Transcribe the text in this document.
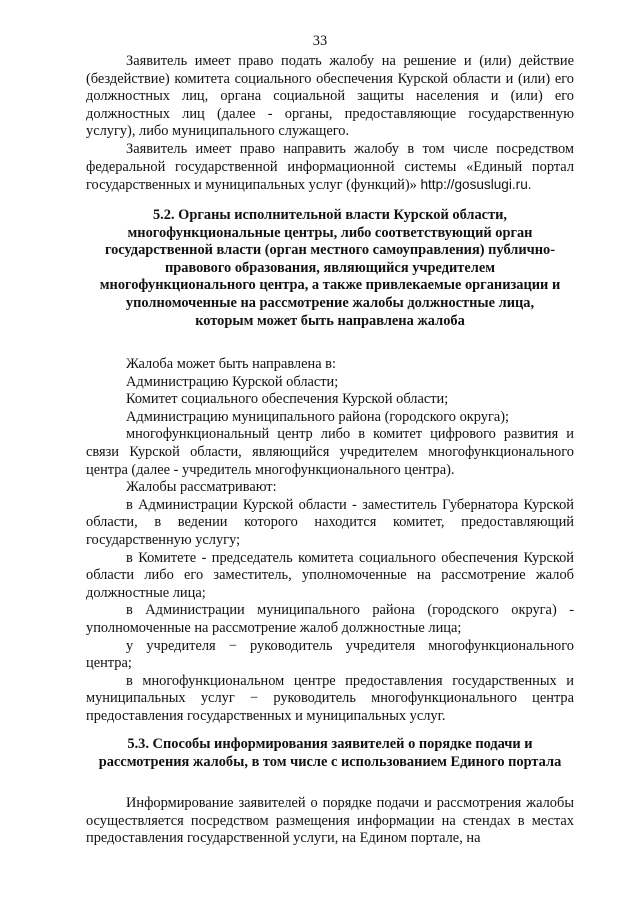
33

Заявитель имеет право подать жалобу на решение и (или) действие (бездействие) комитета социального обеспечения Курской области и (или) его должностных лиц, органа социальной защиты населения и (или) его должностных лиц (далее - органы, предоставляющие государственную услугу), либо муниципального служащего.

Заявитель имеет право направить жалобу в том числе посредством федеральной государственной информационной системы «Единый портал государственных и муниципальных услуг (функций)» http://gosuslugi.ru.

5.2. Органы исполнительной власти Курской области,
многофункциональные центры, либо соответствующий орган
государственной власти (орган местного самоуправления) публично-
правового образования, являющийся учредителем
многофункционального центра, а также привлекаемые организации и
уполномоченные на рассмотрение жалобы должностные лица,
которым может быть направлена жалоба

Жалоба может быть направлена в:

Администрацию Курской области;

Комитет социального обеспечения Курской области;

Администрацию муниципального района (городского округа);

многофункциональный центр либо в комитет цифрового развития и связи Курской области, являющийся учредителем многофункционального центра (далее - учредитель многофункционального центра).

Жалобы рассматривают:

в Администрации Курской области - заместитель Губернатора Курской области, в ведении которого находится комитет, предоставляющий государственную услугу;

в Комитете - председатель комитета социального обеспечения Курской области либо его заместитель, уполномоченные на рассмотрение жалоб должностные лица;

в Администрации муниципального района (городского округа) - уполномоченные на рассмотрение жалоб должностные лица;

у учредителя − руководитель учредителя многофункционального центра;

в многофункциональном центре предоставления государственных и муниципальных услуг − руководитель многофункционального центра предоставления государственных и муниципальных услуг.

5.3. Способы информирования заявителей о порядке подачи и
рассмотрения жалобы, в том числе с использованием Единого портала

Информирование заявителей о порядке подачи и рассмотрения жалобы осуществляется посредством размещения информации на стендах в местах предоставления государственной услуги, на Едином портале, на
